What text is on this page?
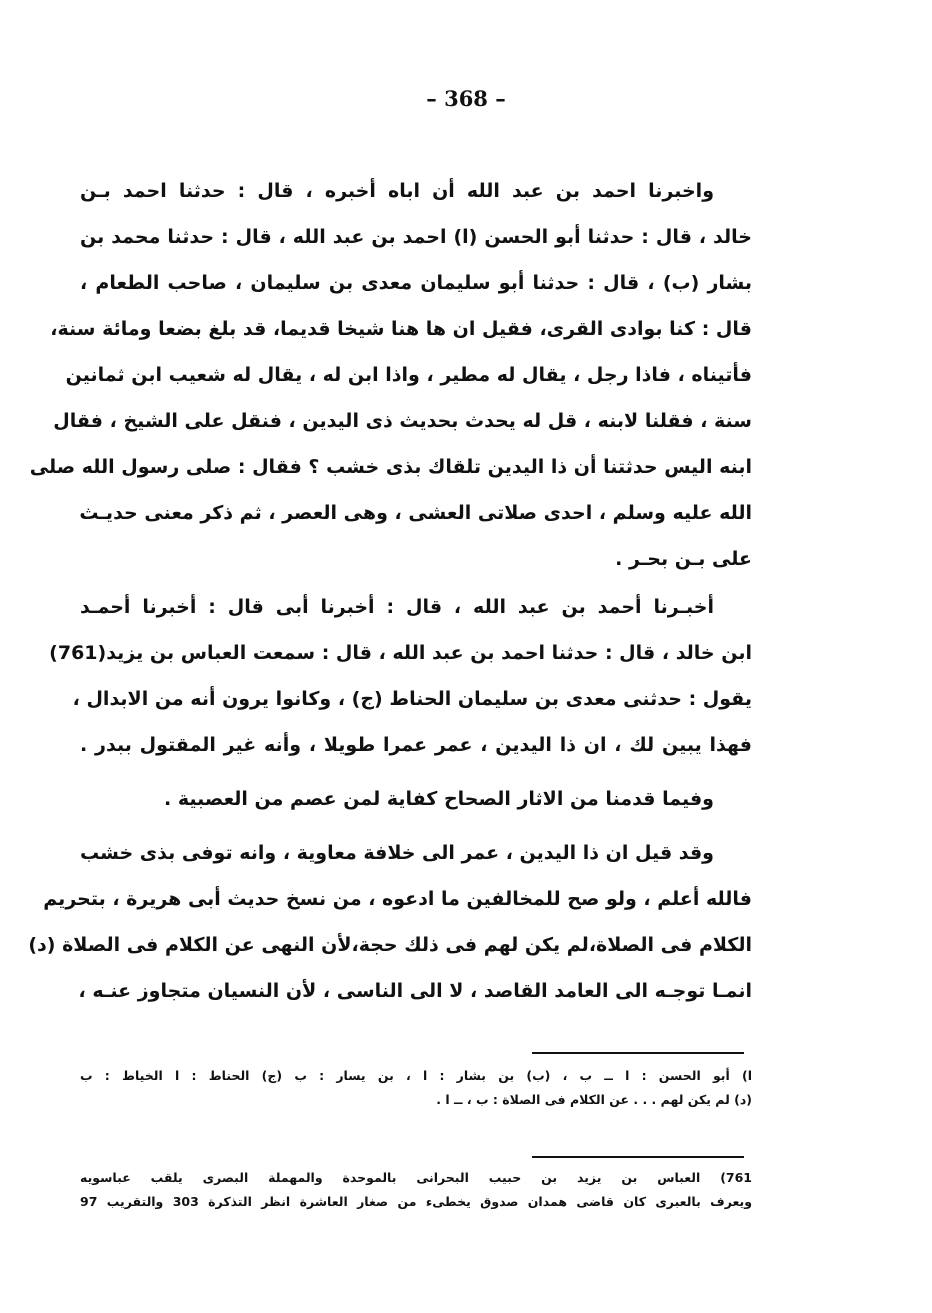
– 368 –
واخبرنا احمد بن عبد الله أن اباه أخبره ، قال : حدثنا احمد بـن
خالد ، قال : حدثنا أبو الحسن (ا) احمد بن عبد الله ، قال : حدثنا محمد بن
بشار (ب) ، قال : حدثنا أبو سليمان معدى بن سليمان ، صاحب الطعام ،
قال : كنا بوادى القرى، فقيل ان ها هنا شيخا قديما، قد بلغ بضعا ومائة سنة،
فأتيناه ، فاذا رجل ، يقال له مطير ، واذا ابن له ، يقال له شعيب ابن ثمانين
سنة ، فقلنا لابنه ، قل له يحدث بحديث ذى اليدين ، فنقل على الشيخ ، فقال
ابنه اليس حدثتنا أن ذا اليدين تلقاك بذى خشب ؟ فقال : صلى رسول الله صلى
الله عليه وسلم ، احدى صلاتى العشى ، وهى العصر ، ثم ذكر معنى حديـث
على بـن بحـر .
أخبـرنا أحمد بن عبد الله ، قال : أخبرنا أبى قال : أخبرنا أحمـد
ابن خالد ، قال : حدثنا احمد بن عبد الله ، قال : سمعت العباس بن يزيد(761)
يقول : حدثنى معدى بن سليمان الحناط (ج) ، وكانوا يرون أنه من الابدال ،
فهذا يبين لك ، ان ذا اليدين ، عمر عمرا طويلا ، وأنه غير المقتول ببدر .
وفيما قدمنا من الاثار الصحاح كفاية لمن عصم من العصبية .
وقد قيل ان ذا اليدين ، عمر الى خلافة معاوية ، وانه توفى بذى خشب
فالله أعلم ، ولو صح للمخالفين ما ادعوه ، من نسخ حديث أبى هريرة ، بتحريم
الكلام فى الصلاة،لم يكن لهم فى ذلك حجة،لأن النهى عن الكلام فى الصلاة (د)
انمـا توجـه الى العامد القاصد ، لا الى الناسى ، لأن النسيان متجاوز عنـه ،
ا) أبو الحسن : ا ــ ب ، (ب) بن بشار : ا ، بن يسار : ب (ج) الحناط : ا الخياط : ب
(د) لم يكن لهم . . . عن الكلام فى الصلاة : ب ، ــ ا .
761) العباس بن يزيد بن حبيب البحرانى بالموحدة والمهملة البصرى يلقب عباسويه
ويعرف بالعبرى كان قاضى همدان صدوق يخطىء من صغار العاشرة انظر التذكرة 303 والتقريب 97
